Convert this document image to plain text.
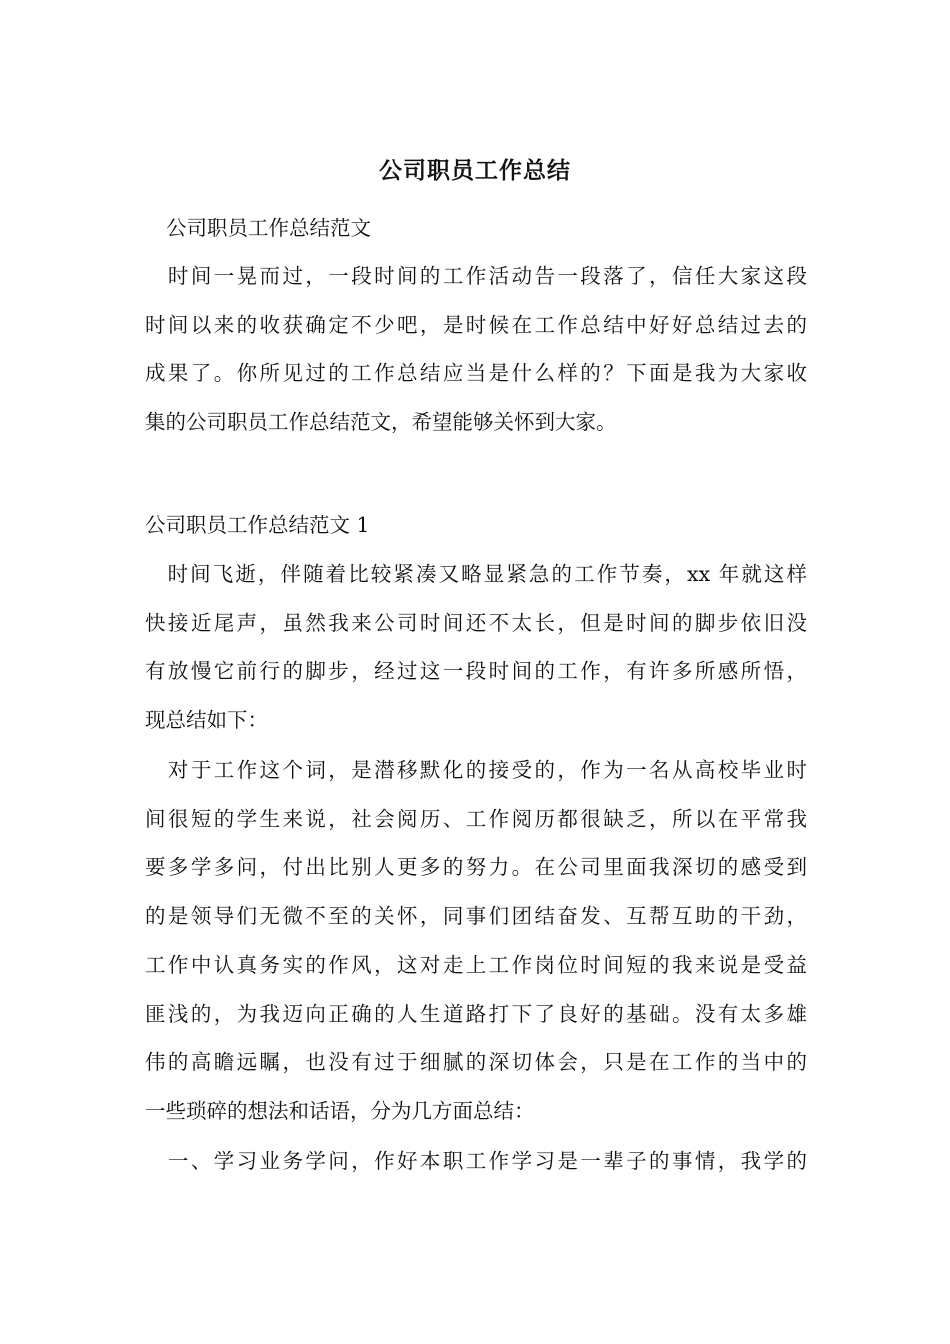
公司职员工作总结

公司职员工作总结范文

　时间一晃而过，一段时间的工作活动告一段落了，信任大家这段
时间以来的收获确定不少吧，是时候在工作总结中好好总结过去的
成果了。你所见过的工作总结应当是什么样的？下面是我为大家收
集的公司职员工作总结范文，希望能够关怀到大家。

公司职员工作总结范文 1

　时间飞逝，伴随着比较紧凑又略显紧急的工作节奏，xx 年就这样
快接近尾声，虽然我来公司时间还不太长，但是时间的脚步依旧没
有放慢它前行的脚步，经过这一段时间的工作，有许多所感所悟，
现总结如下：

　对于工作这个词，是潜移默化的接受的，作为一名从高校毕业时
间很短的学生来说，社会阅历、工作阅历都很缺乏，所以在平常我
要多学多问，付出比别人更多的努力。在公司里面我深切的感受到
的是领导们无微不至的关怀，同事们团结奋发、互帮互助的干劲，
工作中认真务实的作风，这对走上工作岗位时间短的我来说是受益
匪浅的，为我迈向正确的人生道路打下了良好的基础。没有太多雄
伟的高瞻远瞩，也没有过于细腻的深切体会，只是在工作的当中的
一些琐碎的想法和话语，分为几方面总结：

　一、学习业务学问，作好本职工作学习是一辈子的事情，我学的
